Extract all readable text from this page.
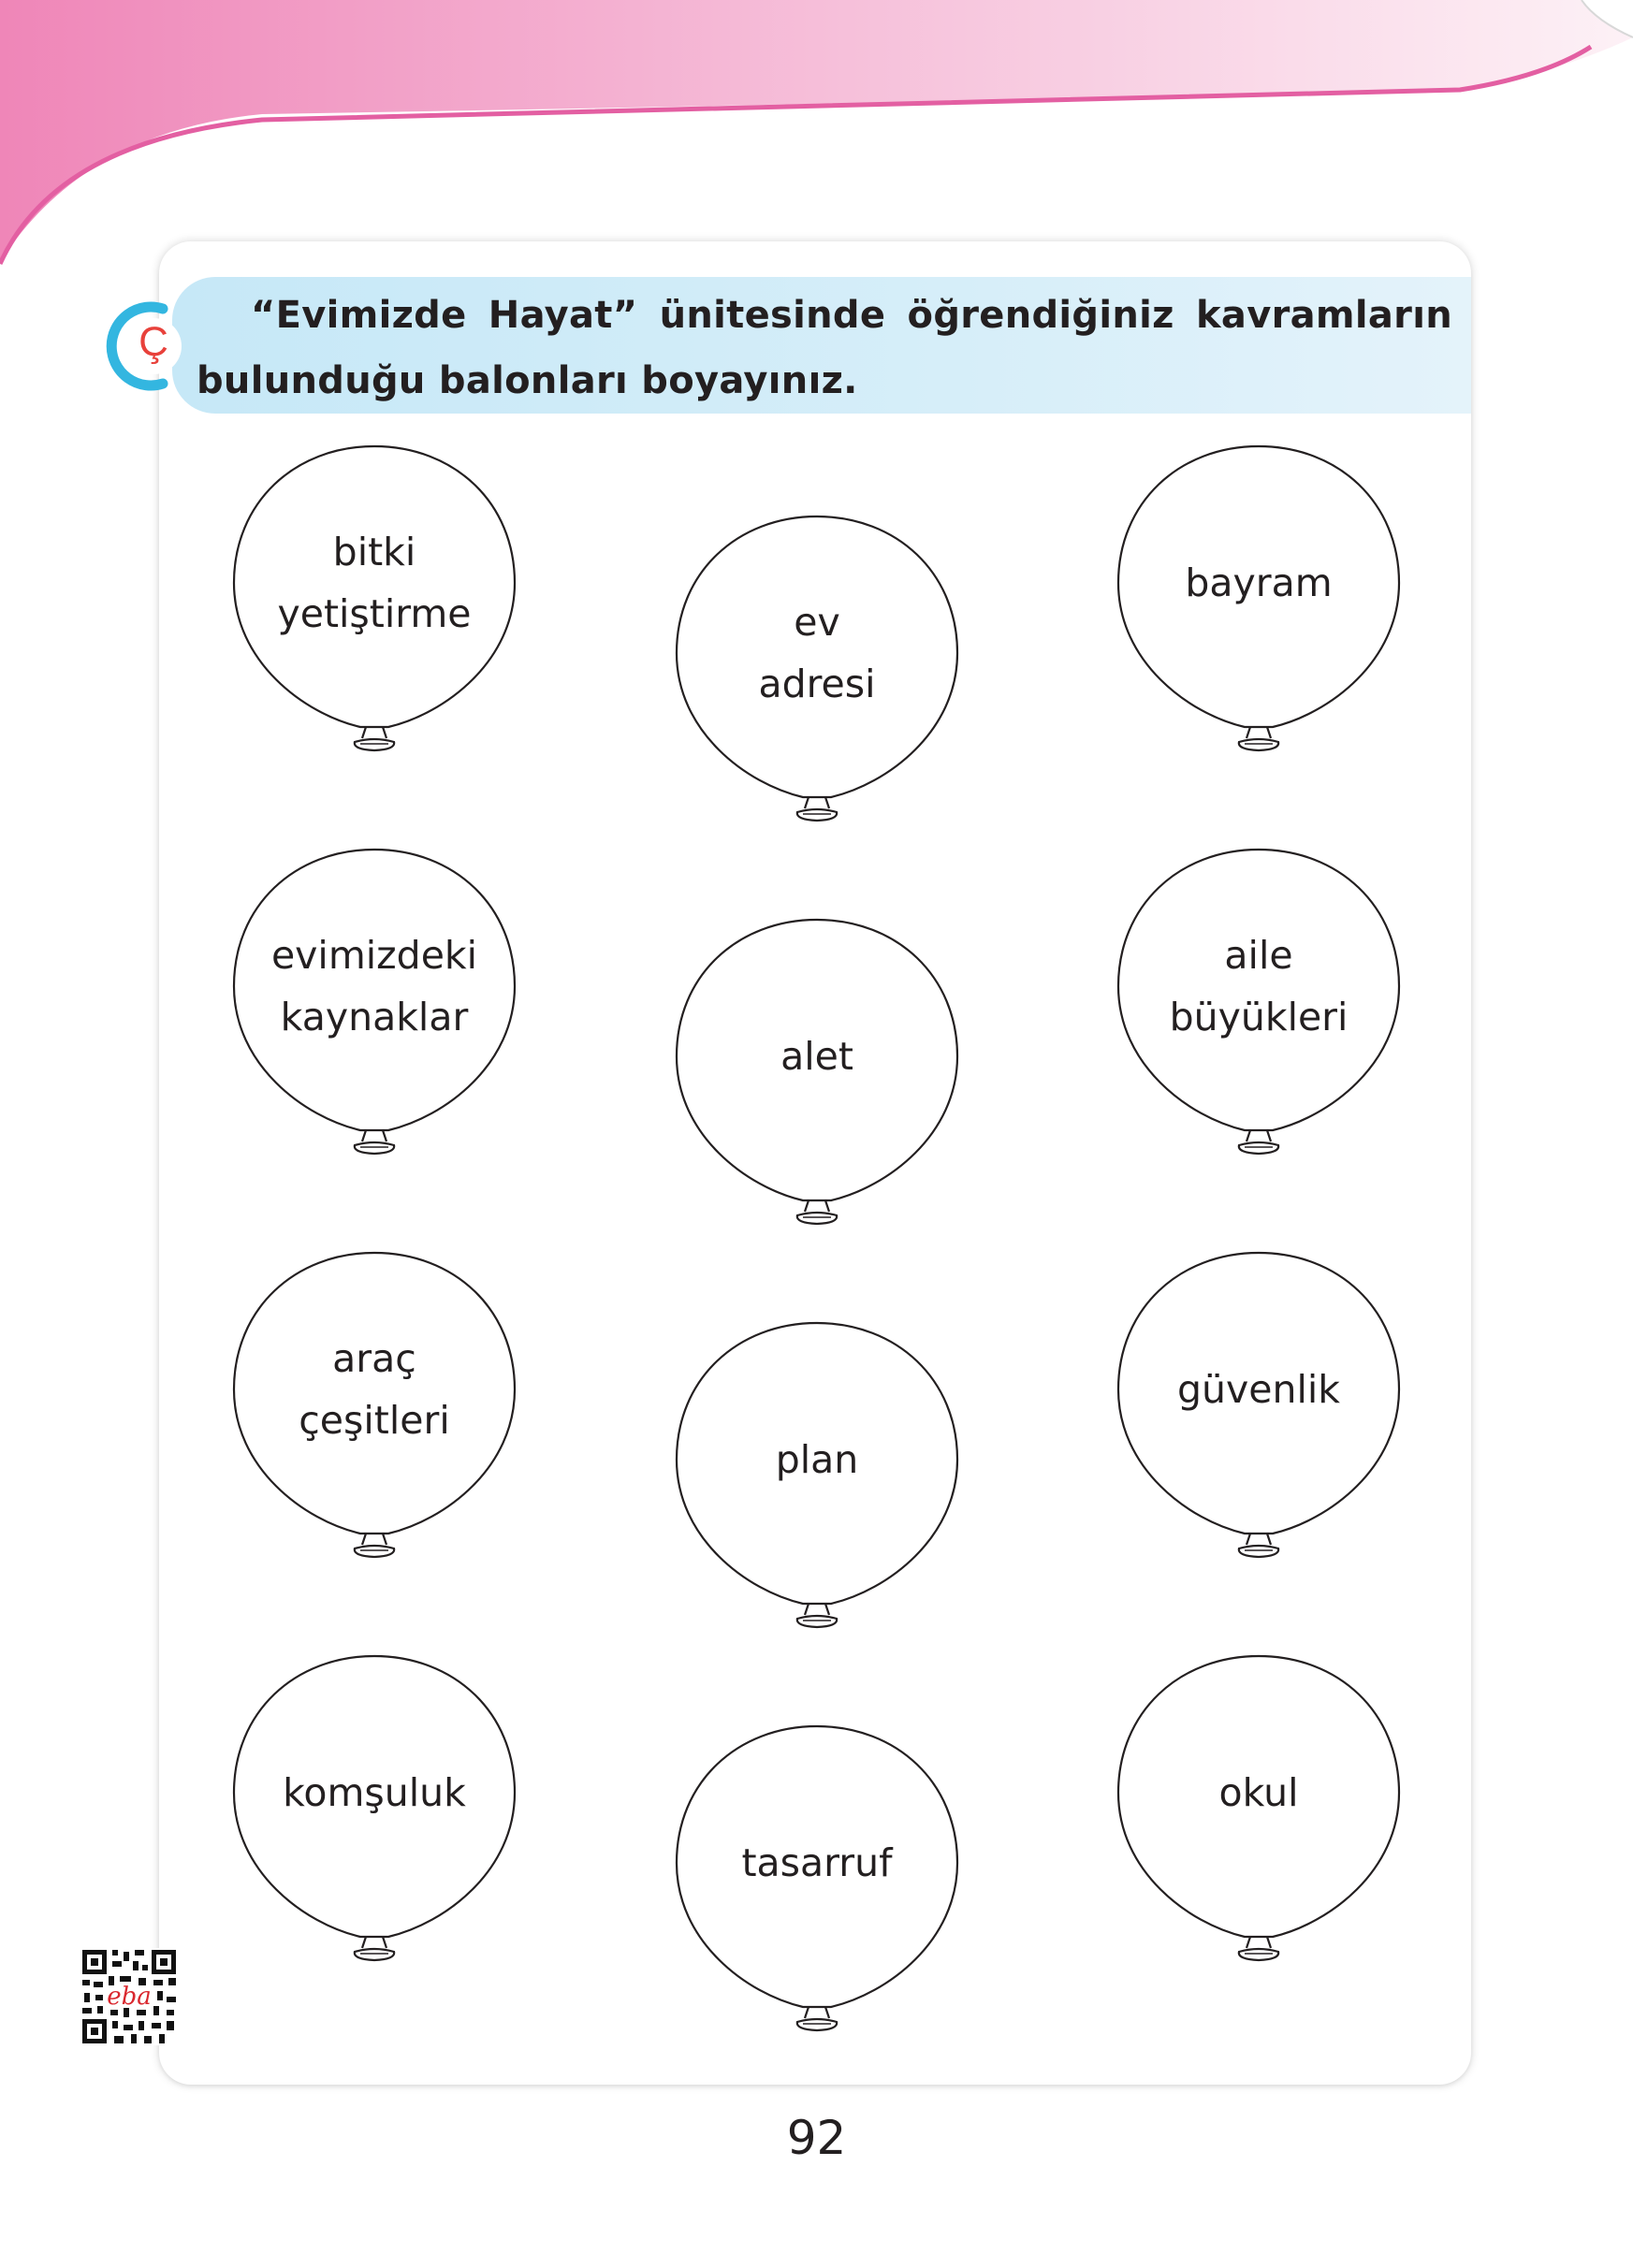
Ç
“Evimizde Hayat” ünitesinde öğrendiğiniz kavramların bulunduğu balonları boyayınız.
bitki
yetiştirme	ev
adresi
bayram
evimizdeki
kaynaklar
alet
aile
büyükleri
araç
çeşitleri
plan
güvenlik
komşuluk
tasarruf
okul
eba
92
